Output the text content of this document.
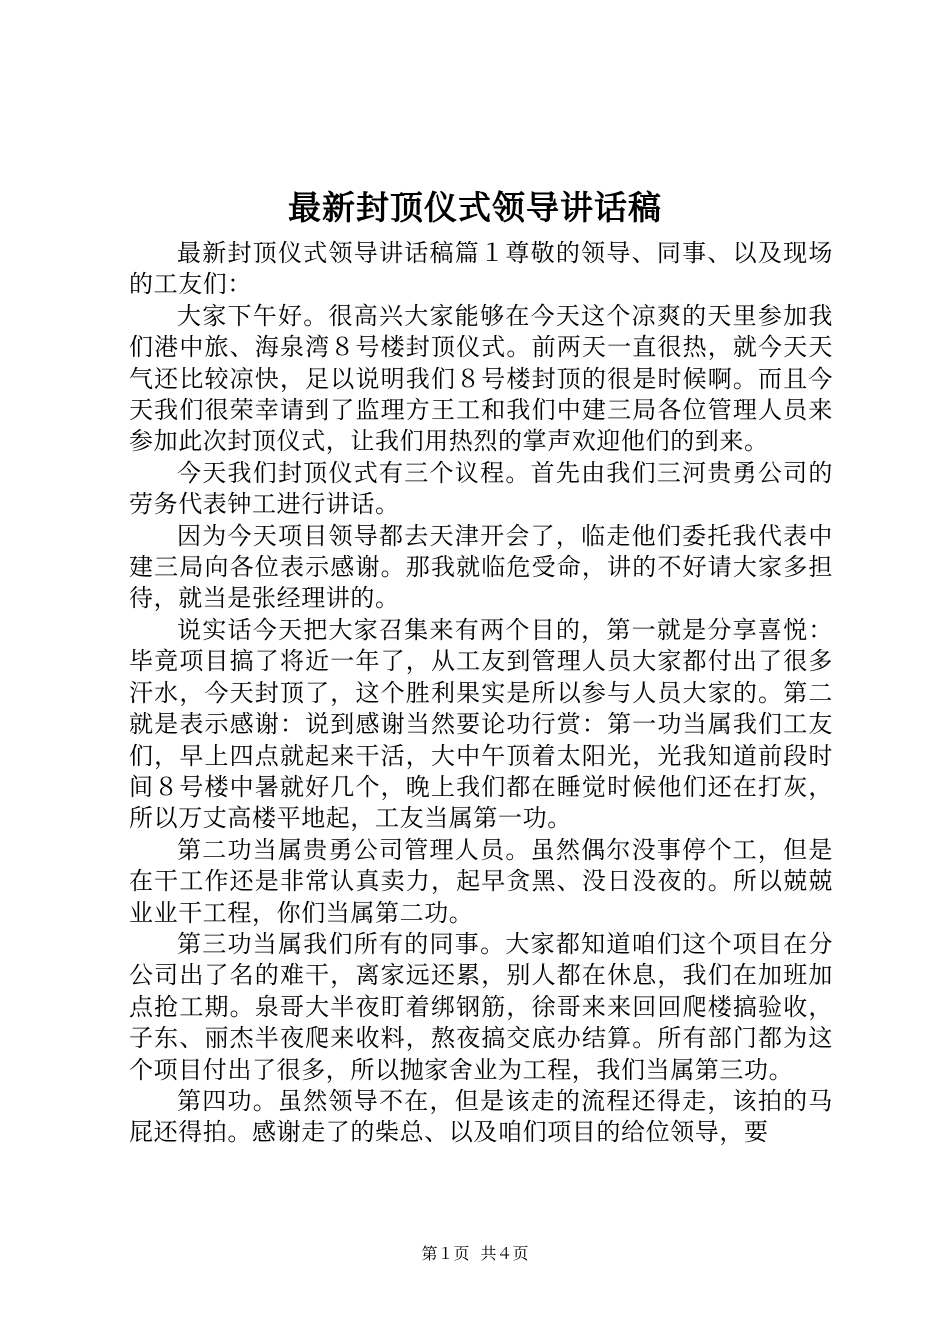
最新封顶仪式领导讲话稿

最新封顶仪式领导讲话稿篇１尊敬的领导、同事、以及现场的工友们：

大家下午好。很高兴大家能够在今天这个凉爽的天里参加我们港中旅、海泉湾８号楼封顶仪式。前两天一直很热，就今天天气还比较凉快，足以说明我们８号楼封顶的很是时候啊。而且今天我们很荣幸请到了监理方王工和我们中建三局各位管理人员来参加此次封顶仪式，让我们用热烈的掌声欢迎他们的到来。

今天我们封顶仪式有三个议程。首先由我们三河贵勇公司的劳务代表钟工进行讲话。

因为今天项目领导都去天津开会了，临走他们委托我代表中建三局向各位表示感谢。那我就临危受命，讲的不好请大家多担待，就当是张经理讲的。

说实话今天把大家召集来有两个目的，第一就是分享喜悦：毕竟项目搞了将近一年了，从工友到管理人员大家都付出了很多汗水，今天封顶了，这个胜利果实是所以参与人员大家的。第二就是表示感谢：说到感谢当然要论功行赏：第一功当属我们工友们，早上四点就起来干活，大中午顶着太阳光，光我知道前段时间８号楼中暑就好几个，晚上我们都在睡觉时候他们还在打灰，所以万丈高楼平地起，工友当属第一功。

第二功当属贵勇公司管理人员。虽然偶尔没事停个工，但是在干工作还是非常认真卖力，起早贪黑、没日没夜的。所以兢兢业业干工程，你们当属第二功。

第三功当属我们所有的同事。大家都知道咱们这个项目在分公司出了名的难干，离家远还累，别人都在休息，我们在加班加点抢工期。泉哥大半夜盯着绑钢筋，徐哥来来回回爬楼搞验收，子东、丽杰半夜爬来收料，熬夜搞交底办结算。所有部门都为这个项目付出了很多，所以抛家舍业为工程，我们当属第三功。

第四功。虽然领导不在，但是该走的流程还得走，该拍的马屁还得拍。感谢走了的柴总、以及咱们项目的给位领导，要

第１页 共４页
